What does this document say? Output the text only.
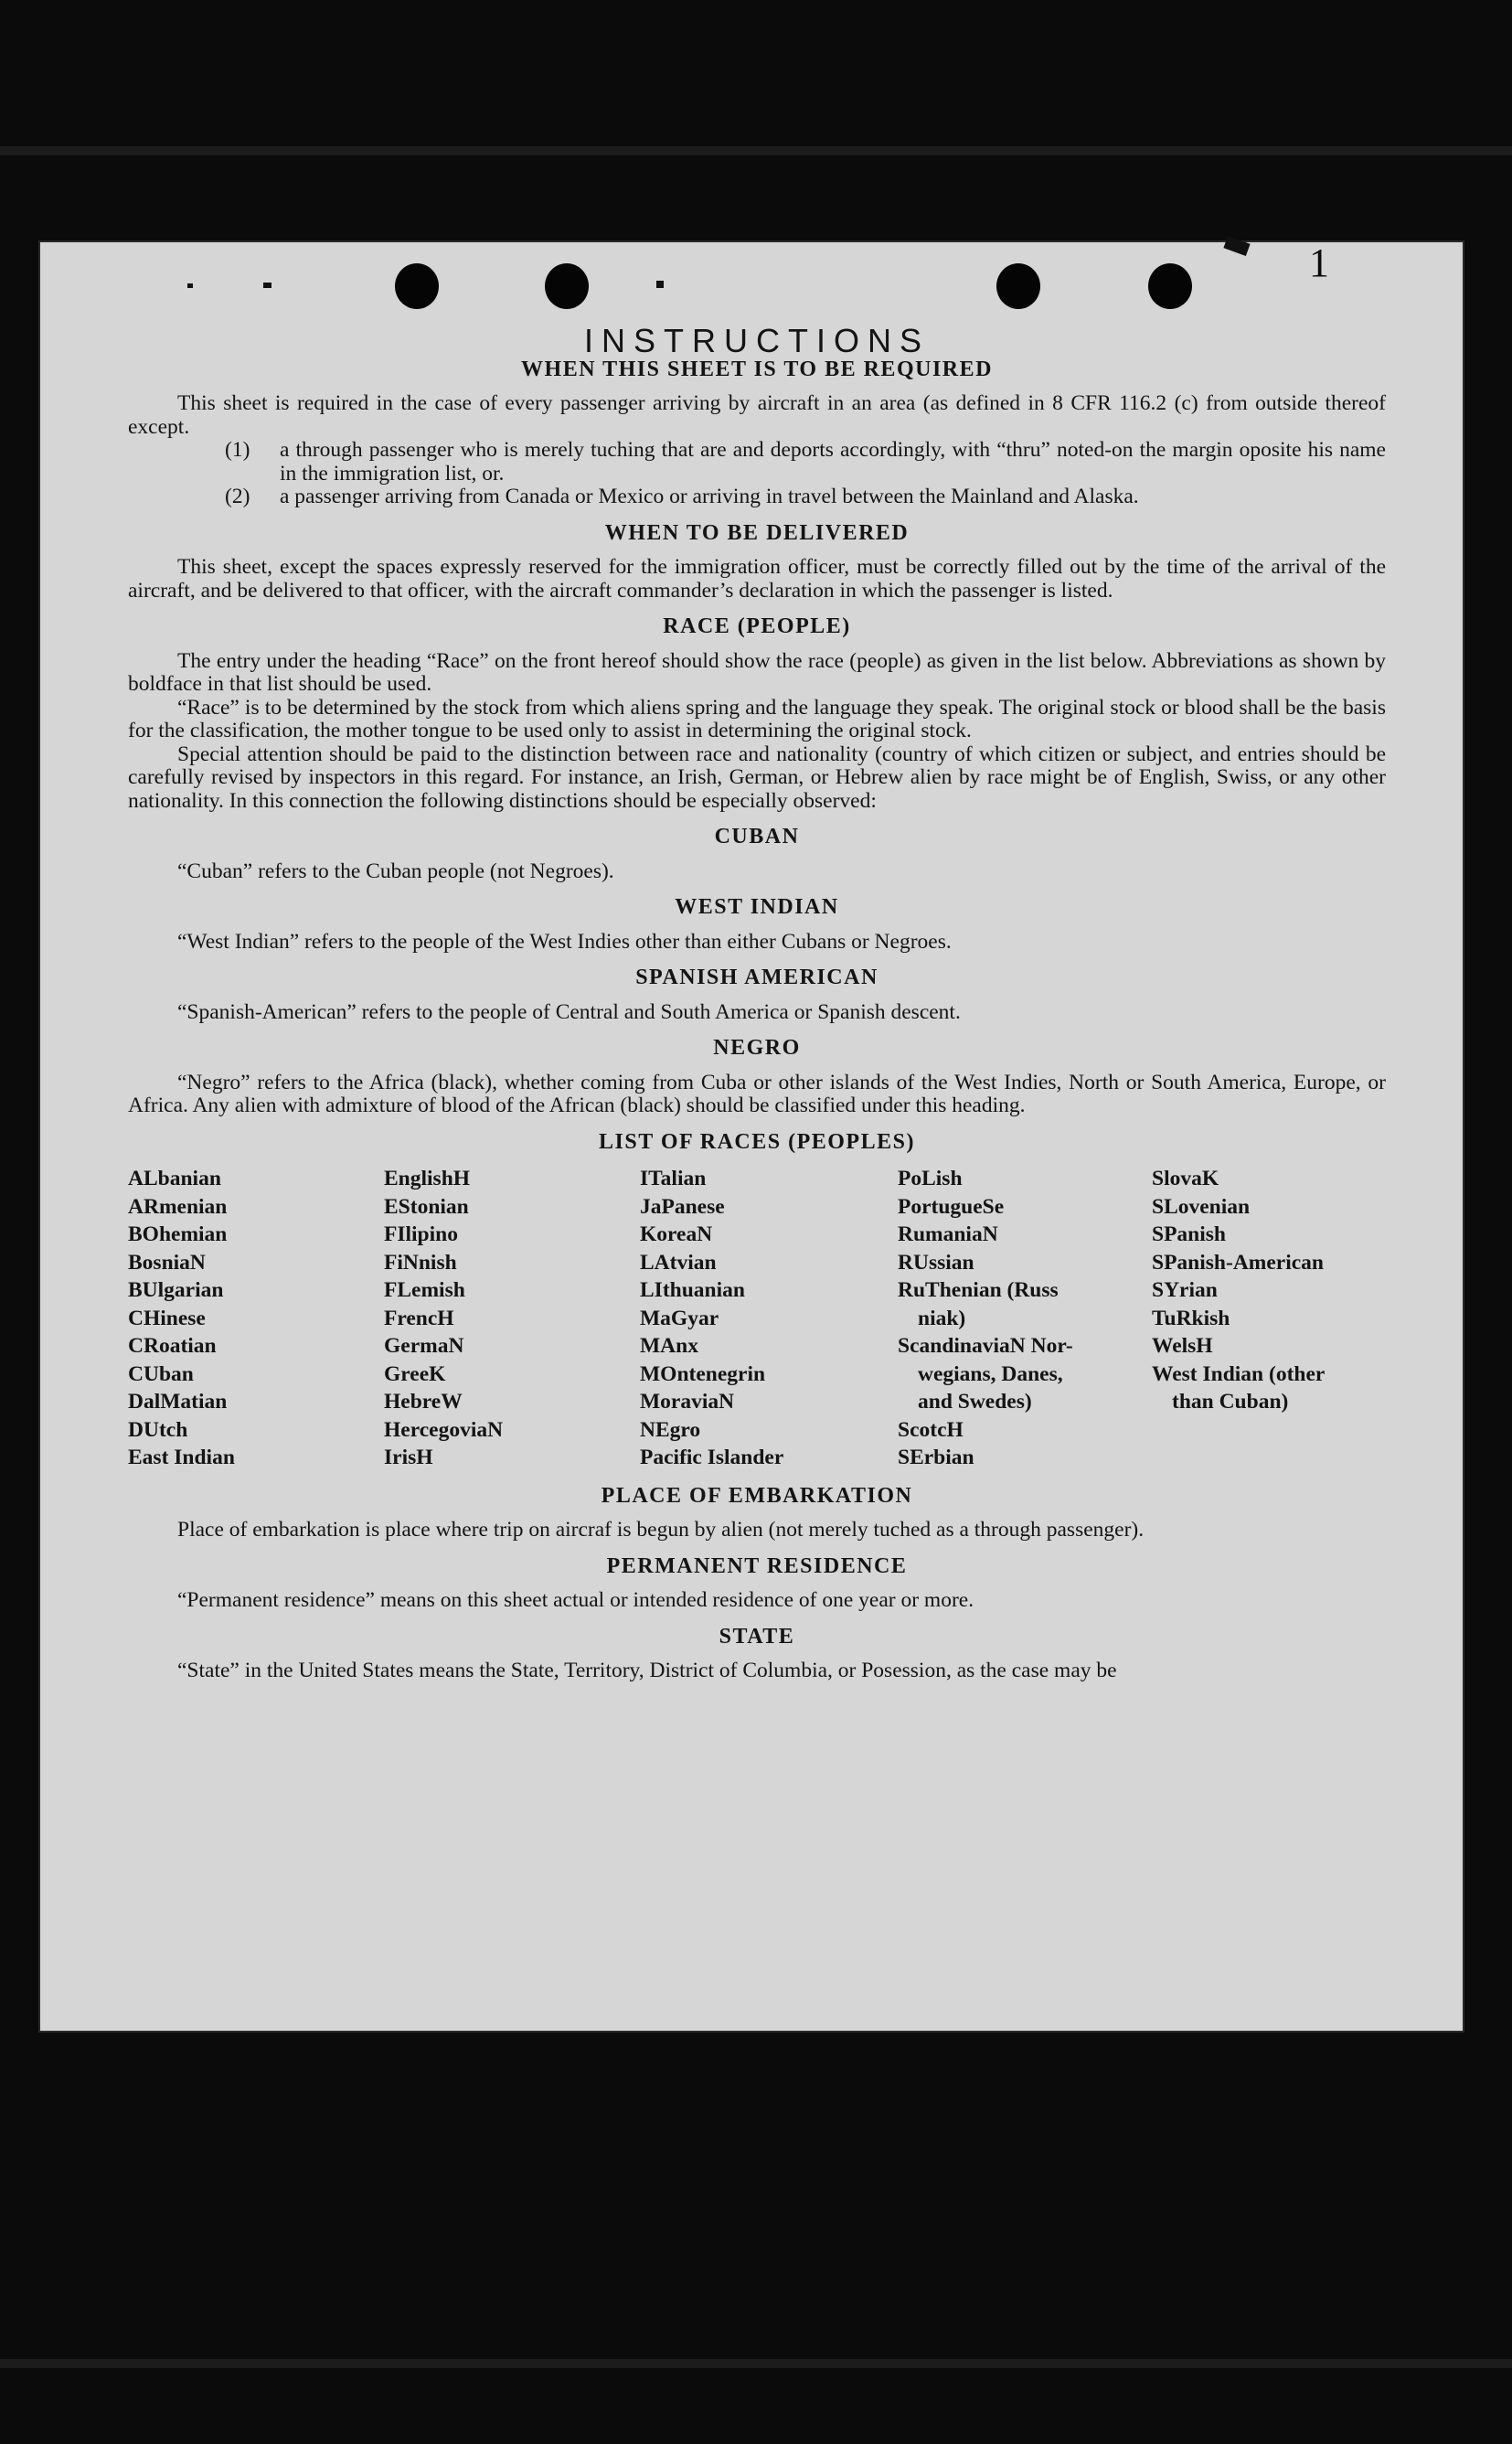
1
INSTRUCTIONS
WHEN THIS SHEET IS TO BE REQUIRED

This sheet is required in the case of every passenger arriving by aircraft in an area (as defined in 8 CFR 116.2 (c) from outside thereof except.

(1)	a through passenger who is merely tuching that are and deports accordingly, with “thru” noted-on the margin oposite his name in the immigration list, or.
(2)	a passenger arriving from Canada or Mexico or arriving in travel between the Mainland and Alaska.
WHEN TO BE DELIVERED

This sheet, except the spaces expressly reserved for the immigration officer, must be correctly filled out by the time of the arrival of the aircraft, and be delivered to that officer, with the aircraft commander’s declaration in which the passenger is listed.

RACE (PEOPLE)

The entry under the heading “Race” on the front hereof should show the race (people) as given in the list below. Abbreviations as shown by boldface in that list should be used.

“Race” is to be determined by the stock from which aliens spring and the language they speak. The original stock or blood shall be the basis for the classification, the mother tongue to be used only to assist in determining the original stock.

Special attention should be paid to the distinction between race and nationality (country of which citizen or subject, and entries should be carefully revised by inspectors in this regard. For instance, an Irish, German, or Hebrew alien by race might be of English, Swiss, or any other nationality. In this connection the following distinctions should be especially observed:

CUBAN

“Cuban” refers to the Cuban people (not Negroes).

WEST INDIAN

“West Indian” refers to the people of the West Indies other than either Cubans or Negroes.

SPANISH AMERICAN

“Spanish-American” refers to the people of Central and South America or Spanish descent.

NEGRO

“Negro” refers to the Africa (black), whether coming from Cuba or other islands of the West Indies, North or South America, Europe, or Africa. Any alien with admixture of blood of the African (black) should be classified under this heading.

LIST OF RACES (PEOPLES)
ALbanian
ARmenian
BOhemian
BosniaN
BUlgarian
CHinese
CRoatian
CUban
DalMatian
DUtch
East Indian
EnglishH
EStonian
FIlipino
FiNnish
FLemish
FrencH
GermaN
GreeK
HebreW
HercegoviaN
IrisH
ITalian
JaPanese
KoreaN
LAtvian
LIthuanian
MaGyar
MAnx
MOntenegrin
MoraviaN
NEgro
Pacific Islander
PoLish
PortugueSe
RumaniaN
RUssian
RuThenian (Russ
niak)
ScandinaviaN Nor-
wegians, Danes,
and Swedes)
ScotcH
SErbian
SlovaK
SLovenian
SPanish
SPanish-American
SYrian
TuRkish
WelsH
West Indian (other
than Cuban)
PLACE OF EMBARKATION

Place of embarkation is place where trip on aircraf is begun by alien (not merely tuched as a through passenger).

PERMANENT RESIDENCE

“Permanent residence” means on this sheet actual or intended residence of one year or more.

STATE

“State” in the United States means the State, Territory, District of Columbia, or Posession, as the case may be
